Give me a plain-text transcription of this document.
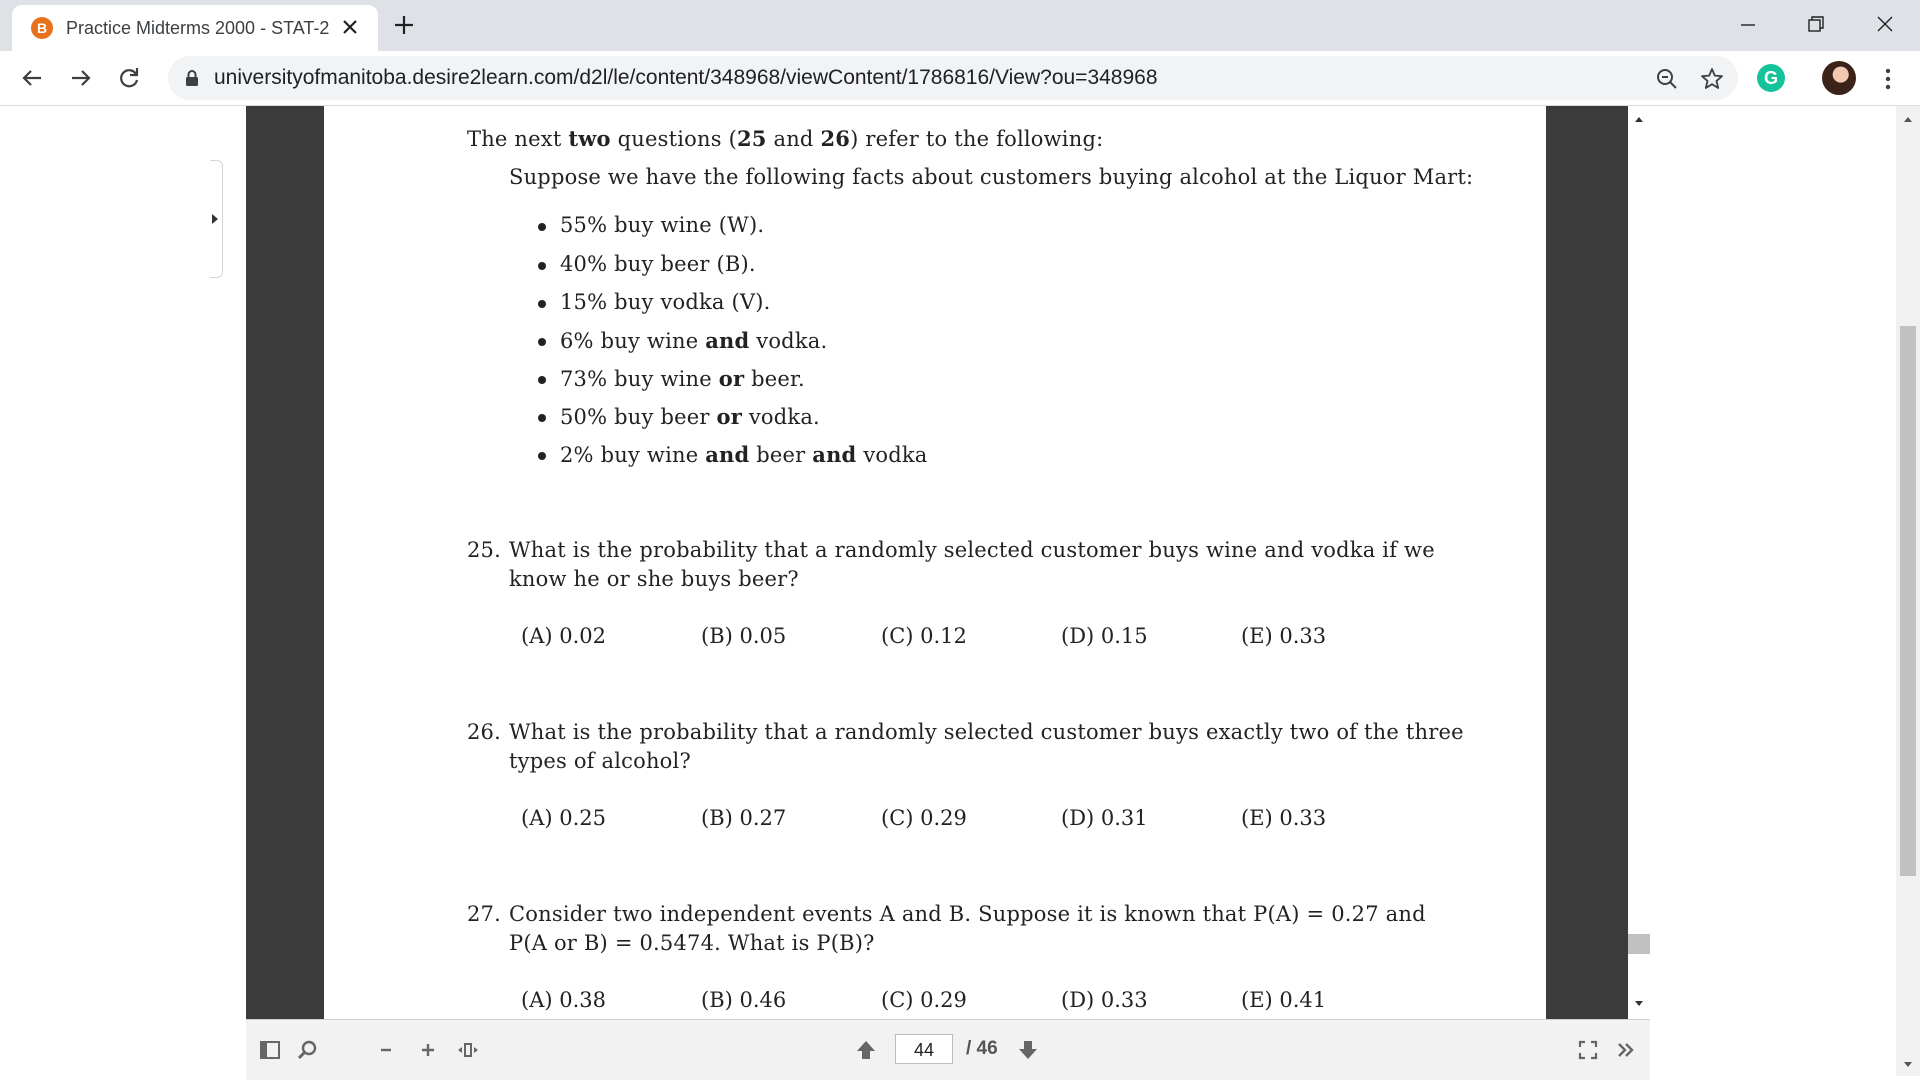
B	Practice Midterms 2000 - STAT-2
universityofmanitoba.desire2learn.com/d2l/le/content/348968/viewContent/1786816/View?ou=348968	G
The next two questions (25 and 26) refer to the following:
Suppose we have the following facts about customers buying alcohol at the Liquor Mart:
55% buy wine (W).
40% buy beer (B).
15% buy vodka (V).
6% buy wine and vodka.
73% buy wine or beer.
50% buy beer or vodka.
2% buy wine and beer and vodka
25. What is the probability that a randomly selected customer buys wine and vodka if we
know he or she buys beer?
(A) 0.02	(B) 0.05	(C) 0.12	(D) 0.15	(E) 0.33
26. What is the probability that a randomly selected customer buys exactly two of the three
types of alcohol?
(A) 0.25	(B) 0.27	(C) 0.29	(D) 0.31	(E) 0.33
27. Consider two independent events A and B. Suppose it is known that P(A) = 0.27 and
P(A or B) = 0.5474. What is P(B)?
(A) 0.38	(B) 0.46	(C) 0.29	(D) 0.33	(E) 0.41
44	/ 46
